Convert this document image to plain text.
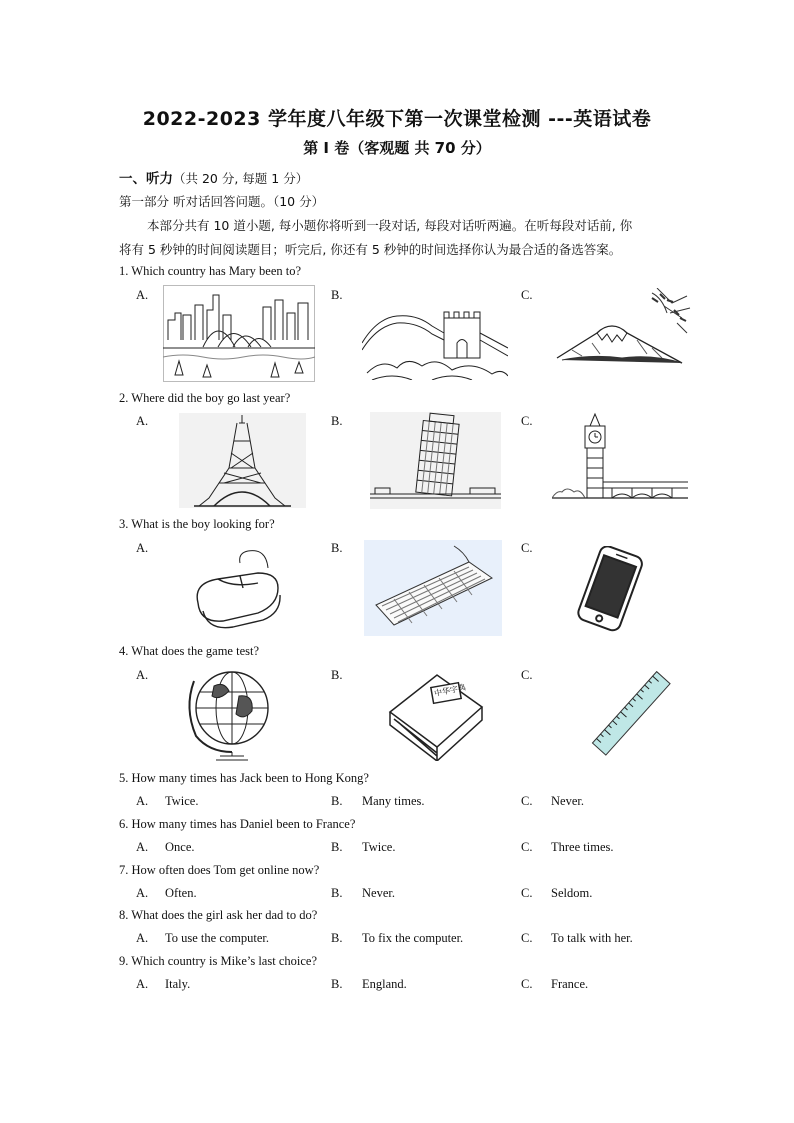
2022-2023 学年度八年级下第一次课堂检测 ---英语试卷
第 I 卷（客观题 共 70 分）
一、听力（共 20 分, 每题 1 分）
第一部分 听对话回答问题。（10 分）
本部分共有 10 道小题, 每小题你将听到一段对话, 每段对话听两遍。在听每段对话前, 你
将有 5 秒钟的时间阅读题目；听完后, 你还有 5 秒钟的时间选择你认为最合适的备选答案。
1. Which country has Mary been to?
A.	B.	C.
2. Where did the boy go last year?
A.	B.	C.
3. What is the boy looking for?
A.	B.	C.
4. What does the game test?
A.	B.	C.
中华字典
5. How many times has Jack been to Hong Kong?
A. Twice.	B. Many times.	C. Never.
6. How many times has Daniel been to France?
A. Once.	B. Twice.	C. Three times.
7. How often does Tom get online now?
A. Often.	B. Never.	C. Seldom.
8. What does the girl ask her dad to do?
A. To use the computer.	B. To fix the computer.	C. To talk with her.
9. Which country is Mike’s last choice?
A. Italy.	B. England.	C. France.
